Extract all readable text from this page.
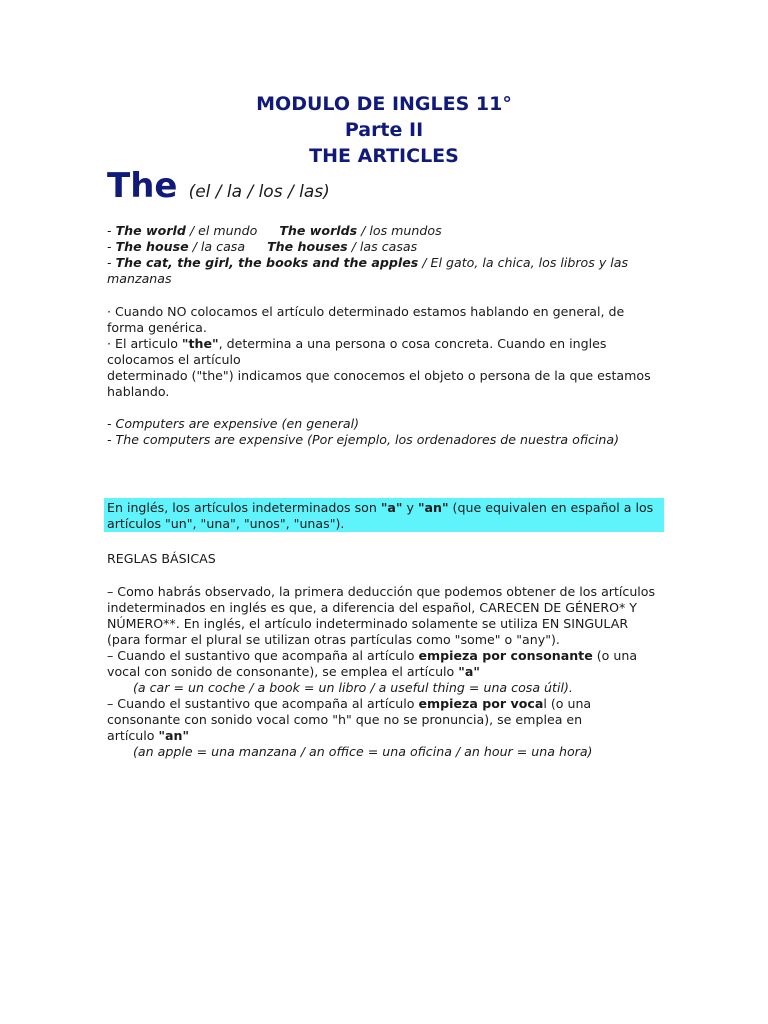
MODULO DE INGLES 11°
Parte II
THE ARTICLES
The (el / la / los / las)

- The world / el mundo The worlds / los mundos

- The house / la casa The houses / las casas

- The cat, the girl, the books and the apples / El gato, la chica, los libros y las

manzanas

· Cuando NO colocamos el artículo determinado estamos hablando en general, de

forma genérica.

· El articulo "the", determina a una persona o cosa concreta. Cuando en ingles

colocamos el artículo

determinado ("the") indicamos que conocemos el objeto o persona de la que estamos

hablando.

- Computers are expensive (en general)

- The computers are expensive (Por ejemplo, los ordenadores de nuestra oficina)

En inglés, los artículos indeterminados son "a" y "an" (que equivalen en español a los

artículos "un", "una", "unos", "unas").

REGLAS BÁSICAS

– Como habrás observado, la primera deducción que podemos obtener de los artículos

indeterminados en inglés es que, a diferencia del español, CARECEN DE GÉNERO* Y

NÚMERO**. En inglés, el artículo indeterminado solamente se utiliza EN SINGULAR

(para formar el plural se utilizan otras partículas como "some" o "any").

– Cuando el sustantivo que acompaña al artículo empieza por consonante (o una

vocal con sonido de consonante), se emplea el artículo "a"

(a car = un coche / a book = un libro / a useful thing = una cosa útil).

– Cuando el sustantivo que acompaña al artículo empieza por vocal (o una

consonante con sonido vocal como "h" que no se pronuncia), se emplea en

artículo "an"

(an apple = una manzana / an office = una oficina / an hour = una hora)
